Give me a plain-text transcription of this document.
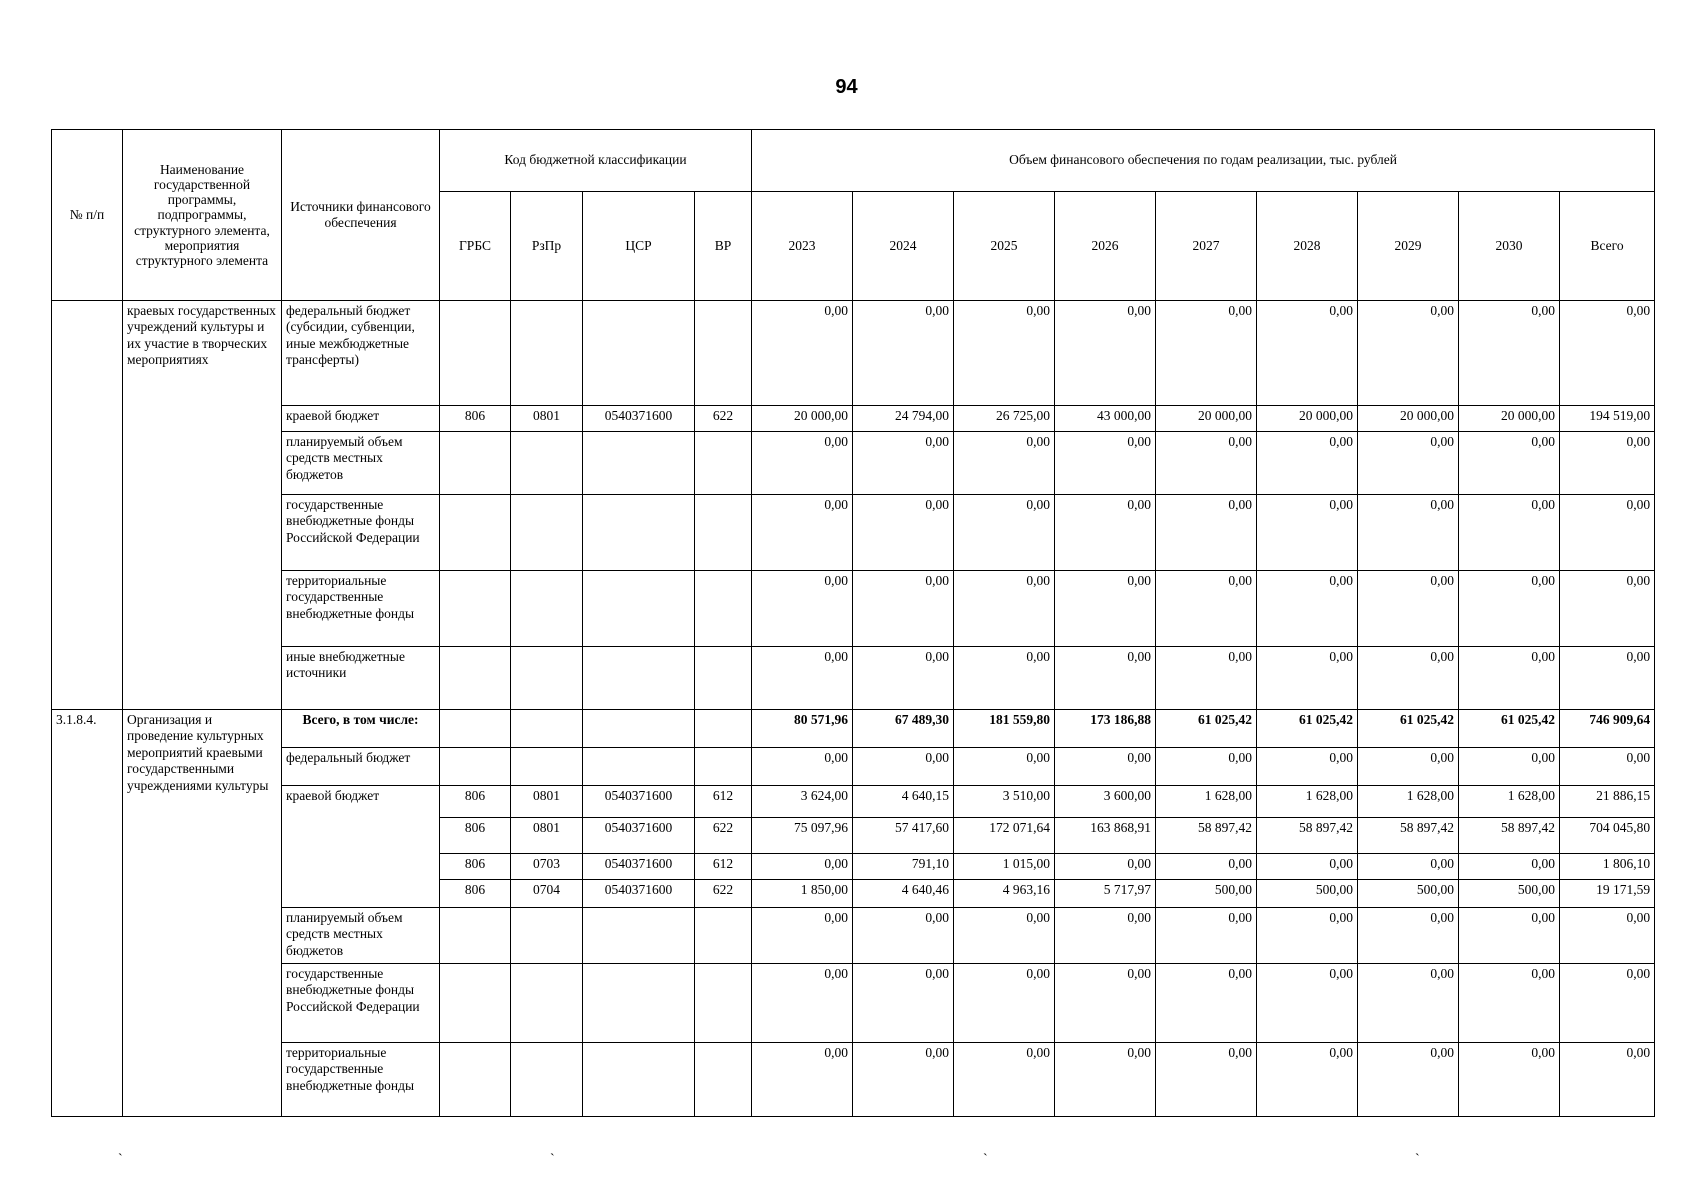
94
№ п/п	Наименование государственной программы, подпрограммы, структурного элемента, мероприятия структурного элемента	Источники финансового обеспечения	Код бюджетной классификации				Объем финансового обеспечения по годам реализации, тыс. рублей								
			ГРБС	РзПр	ЦСР	ВР	2023	2024	2025	2026	2027	2028	2029	2030	Всего
	краевых государственных учреждений культуры и их участие в творческих мероприятиях	федеральный бюджет (субсидии, субвенции, иные межбюджетные трансферты)					0,00	0,00	0,00	0,00	0,00	0,00	0,00	0,00	0,00
		краевой бюджет	806	0801	0540371600	622	20 000,00	24 794,00	26 725,00	43 000,00	20 000,00	20 000,00	20 000,00	20 000,00	194 519,00
		планируемый объем средств местных бюджетов					0,00	0,00	0,00	0,00	0,00	0,00	0,00	0,00	0,00
		государственные внебюджетные фонды Российской Федерации					0,00	0,00	0,00	0,00	0,00	0,00	0,00	0,00	0,00
		территориальные государственные внебюджетные фонды					0,00	0,00	0,00	0,00	0,00	0,00	0,00	0,00	0,00
		иные внебюджетные источники					0,00	0,00	0,00	0,00	0,00	0,00	0,00	0,00	0,00
3.1.8.4.	Организация и проведение культурных мероприятий краевыми государственными учреждениями культуры	Всего, в том числе:					80 571,96	67 489,30	181 559,80	173 186,88	61 025,42	61 025,42	61 025,42	61 025,42	746 909,64
		федеральный бюджет					0,00	0,00	0,00	0,00	0,00	0,00	0,00	0,00	0,00
		краевой бюджет	806	0801	0540371600	612	3 624,00	4 640,15	3 510,00	3 600,00	1 628,00	1 628,00	1 628,00	1 628,00	21 886,15
			806	0801	0540371600	622	75 097,96	57 417,60	172 071,64	163 868,91	58 897,42	58 897,42	58 897,42	58 897,42	704 045,80
			806	0703	0540371600	612	0,00	791,10	1 015,00	0,00	0,00	0,00	0,00	0,00	1 806,10
			806	0704	0540371600	622	1 850,00	4 640,46	4 963,16	5 717,97	500,00	500,00	500,00	500,00	19 171,59
		планируемый объем средств местных бюджетов					0,00	0,00	0,00	0,00	0,00	0,00	0,00	0,00	0,00
		государственные внебюджетные фонды Российской Федерации					0,00	0,00	0,00	0,00	0,00	0,00	0,00	0,00	0,00
		территориальные государственные внебюджетные фонды					0,00	0,00	0,00	0,00	0,00	0,00	0,00	0,00	0,00
`	`	`	`
